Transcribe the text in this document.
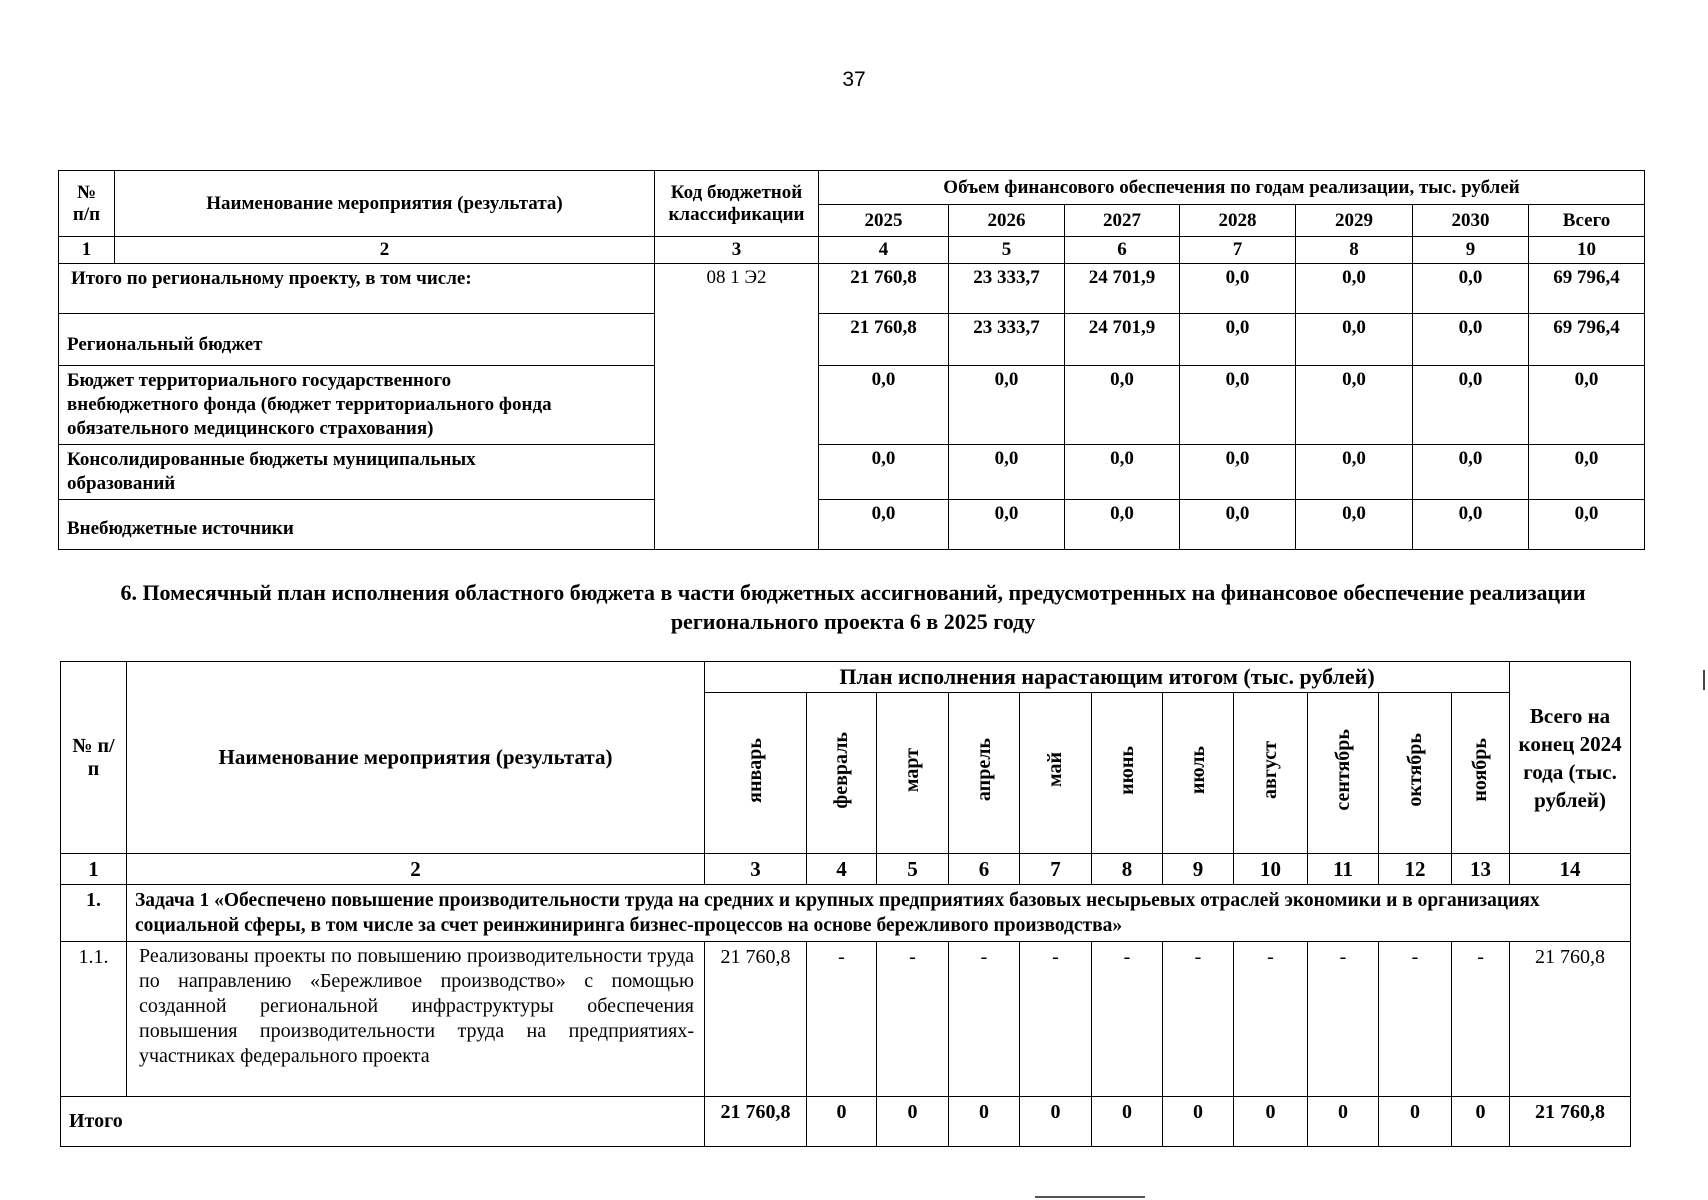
37
№ п/п	Наименование мероприятия (результата)	Код бюджетной классификации	Объем финансового обеспечения по годам реализации, тыс. рублей						
			2025	2026	2027	2028	2029	2030	Всего
1	2	3	4	5	6	7	8	9	10
Итого по региональному проекту, в том числе:		08 1 Э2	21 760,8	23 333,7	24 701,9	0,0	0,0	0,0	69 796,4
Региональный бюджет			21 760,8	23 333,7	24 701,9	0,0	0,0	0,0	69 796,4

Бюджет территориального государственного внебюджетного фонда (бюджет территориального фонда обязательного медицинского страхования)			0,0	0,0	0,0	0,0	0,0	0,0	0,0

Консолидированные бюджеты муниципальных образований			0,0	0,0	0,0	0,0	0,0	0,0	0,0
Внебюджетные источники			0,0	0,0	0,0	0,0	0,0	0,0	0,0
6. Помесячный план исполнения областного бюджета в части бюджетных ассигнований, предусмотренных на финансовое обеспечение реализации регионального проекта 6 в 2025 году
№ п/п	Наименование мероприятия (результата)	План исполнения нарастающим итогом (тыс. рублей)											Всего на конец 2024 года (тыс. рублей)
		январь	февраль	март	апрель	май	июнь	июль	август	сентябрь	октябрь	ноябрь	
1	2	3	4	5	6	7	8	9	10	11	12	13	14
1.	Задача 1 «Обеспечено повышение производительности труда на средних и крупных предприятиях базовых несырьевых отраслей экономики и в организациях социальной сферы, в том числе за счет реинжиниринга бизнес-процессов на основе бережливого производства»												
1.1.	Реализованы проекты по повышению производительности труда по направлению «Бережливое производство» с помощью созданной региональной инфраструктуры обеспечения повышения производительности труда на предприятиях-участниках федерального проекта	21 760,8	-	-	-	-	-	-	-	-	-	-	21 760,8
Итого		21 760,8	0	0	0	0	0	0	0	0	0	0	21 760,8
